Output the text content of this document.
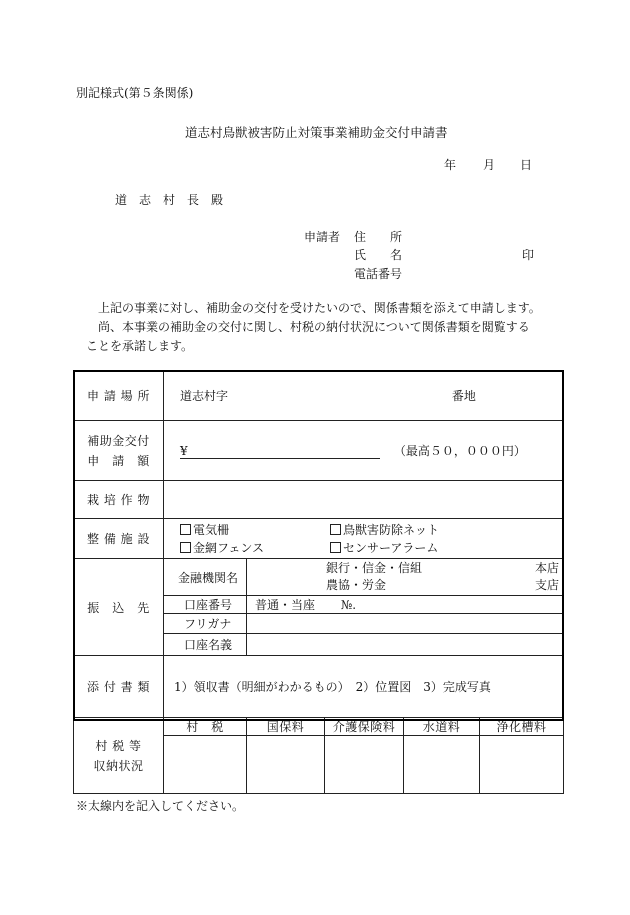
別記様式(第５条関係)
道志村鳥獣被害防止対策事業補助金交付申請書
年 月 日
道　志　村　長　殿
申請者 住　　所
氏　　名	印
電話番号
上記の事業に対し、補助金の交付を受けたいので、関係書類を添えて申請します。
尚、本事業の補助金の交付に関し、村税の納付状況について関係書類を閲覧する
ことを承諾します。
申 請 場 所	道志村字 番地				

補助金交付
申　請　額	¥ （最高５０，０００円）				
栽 培 作 物					
整 備 施 設	電気柵 鳥獣害防除ネット
金網フェンス センサーアラーム				

振　込　先	金融機関名	銀行・信金・信組 本店
農協・労金 支店			

	口座番号	普通・当座 №.			
	フリガナ				
	口座名義				
添 付 書 類	1）領収書（明細がわかるもの）　2）位置図　3）完成写真				

村 税 等
収納状況	村　税	国保料	介護保険料	水道料	浄化槽料

※太線内を記入してください。
